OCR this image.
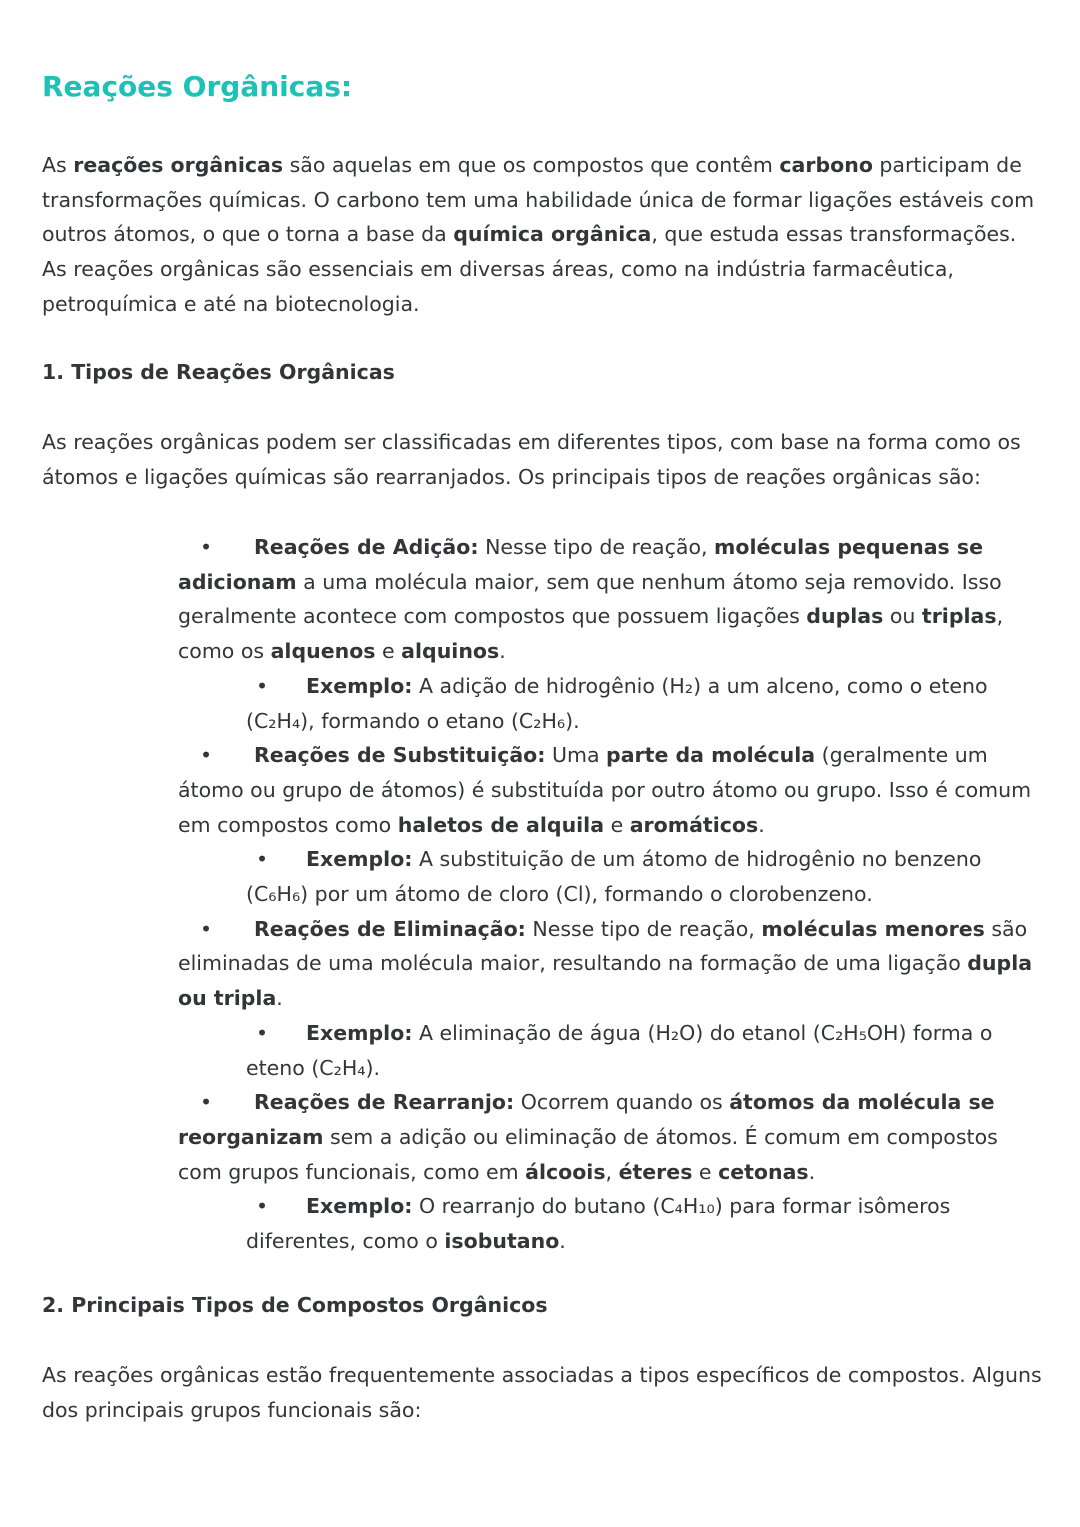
Reações Orgânicas:

As reações orgânicas são aquelas em que os compostos que contêm carbono participam de transformações químicas. O carbono tem uma habilidade única de formar ligações estáveis com outros átomos, o que o torna a base da química orgânica, que estuda essas transformações. As reações orgânicas são essenciais em diversas áreas, como na indústria farmacêutica, petroquímica e até na biotecnologia.

1. Tipos de Reações Orgânicas

As reações orgânicas podem ser classificadas em diferentes tipos, com base na forma como os átomos e ligações químicas são rearranjados. Os principais tipos de reações orgânicas são:

• Reações de Adição: Nesse tipo de reação, moléculas pequenas se adicionam a uma molécula maior, sem que nenhum átomo seja removido. Isso geralmente acontece com compostos que possuem ligações duplas ou triplas, como os alquenos e alquinos.
• Exemplo: A adição de hidrogênio (H₂) a um alceno, como o eteno (C₂H₄), formando o etano (C₂H₆).
• Reações de Substituição: Uma parte da molécula (geralmente um átomo ou grupo de átomos) é substituída por outro átomo ou grupo. Isso é comum em compostos como haletos de alquila e aromáticos.
• Exemplo: A substituição de um átomo de hidrogênio no benzeno (C₆H₆) por um átomo de cloro (Cl), formando o clorobenzeno.
• Reações de Eliminação: Nesse tipo de reação, moléculas menores são eliminadas de uma molécula maior, resultando na formação de uma ligação dupla ou tripla.
• Exemplo: A eliminação de água (H₂O) do etanol (C₂H₅OH) forma o eteno (C₂H₄).
• Reações de Rearranjo: Ocorrem quando os átomos da molécula se reorganizam sem a adição ou eliminação de átomos. É comum em compostos com grupos funcionais, como em álcoois, éteres e cetonas.
• Exemplo: O rearranjo do butano (C₄H₁₀) para formar isômeros diferentes, como o isobutano.
2. Principais Tipos de Compostos Orgânicos

As reações orgânicas estão frequentemente associadas a tipos específicos de compostos. Alguns dos principais grupos funcionais são:
